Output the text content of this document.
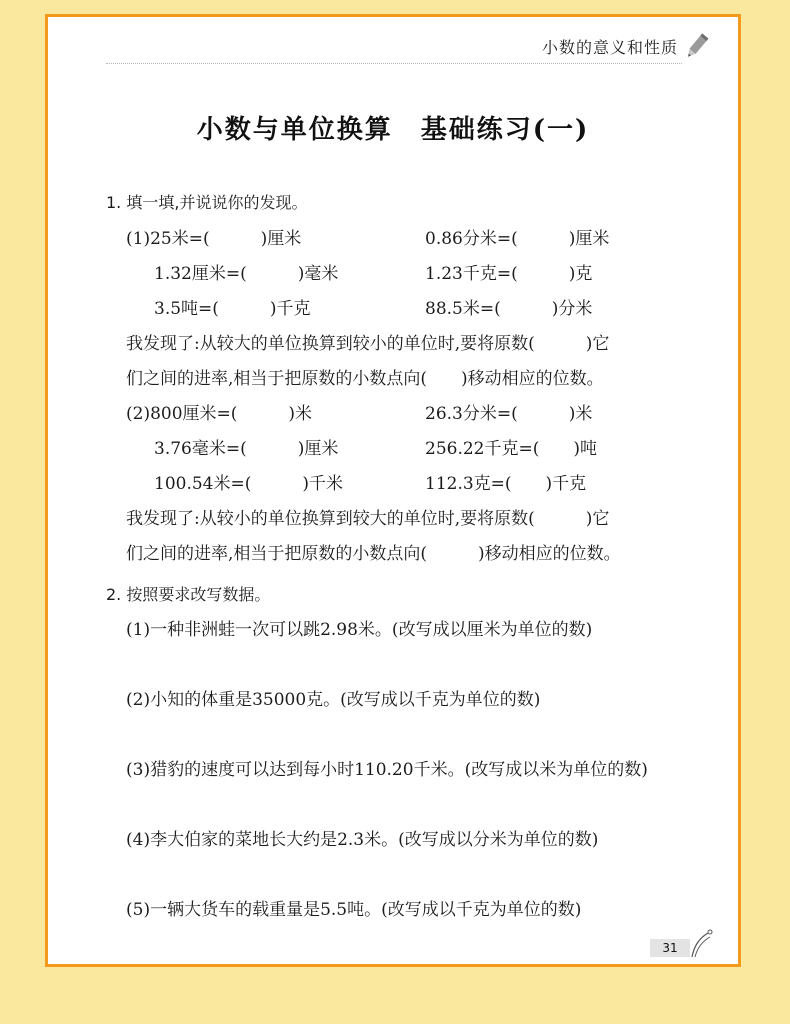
小数的意义和性质
小数与单位换算　基础练习(一)
1. 填一填,并说说你的发现。
(1)25米=(　　　)厘米	0.86分米=(　　　)厘米
1.32厘米=(　　　)毫米	1.23千克=(　　　)克
3.5吨=(　　　)千克	88.5米=(　　　)分米
我发现了:从较大的单位换算到较小的单位时,要将原数(　　　)它
们之间的进率,相当于把原数的小数点向(　　)移动相应的位数。
(2)800厘米=(　　　)米	26.3分米=(　　　)米
3.76毫米=(　　　)厘米	256.22千克=(　　)吨
100.54米=(　　　)千米	112.3克=(　　)千克
我发现了:从较小的单位换算到较大的单位时,要将原数(　　　)它
们之间的进率,相当于把原数的小数点向(　　　)移动相应的位数。
2. 按照要求改写数据。
(1)一种非洲蛙一次可以跳2.98米。(改写成以厘米为单位的数)
(2)小知的体重是35000克。(改写成以千克为单位的数)
(3)猎豹的速度可以达到每小时110.20千米。(改写成以米为单位的数)
(4)李大伯家的菜地长大约是2.3米。(改写成以分米为单位的数)
(5)一辆大货车的载重量是5.5吨。(改写成以千克为单位的数)
31
